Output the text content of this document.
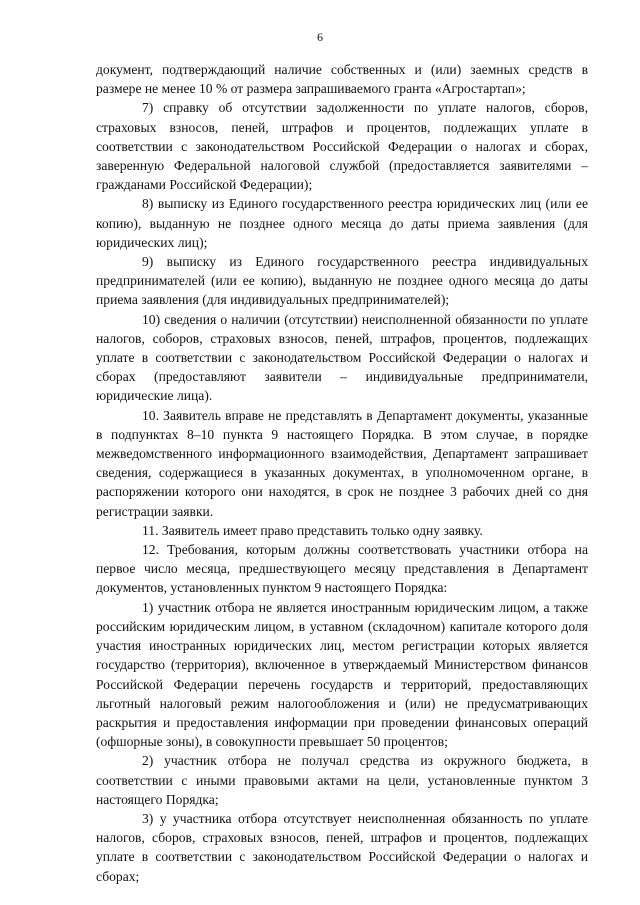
6

документ, подтверждающий наличие собственных и (или) заемных средств в размере не менее 10 % от размера запрашиваемого гранта «Агростартап»;

7) справку об отсутствии задолженности по уплате налогов, сборов, страховых взносов, пеней, штрафов и процентов, подлежащих уплате в соответствии с законодательством Российской Федерации о налогах и сборах, заверенную Федеральной налоговой службой (предоставляется заявителями – гражданами Российской Федерации);

8) выписку из Единого государственного реестра юридических лиц (или ее копию), выданную не позднее одного месяца до даты приема заявления (для юридических лиц);

9) выписку из Единого государственного реестра индивидуальных предпринимателей (или ее копию), выданную не позднее одного месяца до даты приема заявления (для индивидуальных предпринимателей);

10) сведения о наличии (отсутствии) неисполненной обязанности по уплате налогов, соборов, страховых взносов, пеней, штрафов, процентов, подлежащих уплате в соответствии с законодательством Российской Федерации о налогах и сборах (предоставляют заявители – индивидуальные предприниматели, юридические лица).

10. Заявитель вправе не представлять в Департамент документы, указанные в подпунктах 8–10 пункта 9 настоящего Порядка. В этом случае, в порядке межведомственного информационного взаимодействия, Департамент запрашивает сведения, содержащиеся в указанных документах, в уполномоченном органе, в распоряжении которого они находятся, в срок не позднее 3 рабочих дней со дня регистрации заявки.

11. Заявитель имеет право представить только одну заявку.

12. Требования, которым должны соответствовать участники отбора на первое число месяца, предшествующего месяцу представления в Департамент документов, установленных пунктом 9 настоящего Порядка:

1) участник отбора не является иностранным юридическим лицом, а также российским юридическим лицом, в уставном (складочном) капитале которого доля участия иностранных юридических лиц, местом регистрации которых является государство (территория), включенное в утверждаемый Министерством финансов Российской Федерации перечень государств и территорий, предоставляющих льготный налоговый режим налогообложения и (или) не предусматривающих раскрытия и предоставления информации при проведении финансовых операций (офшорные зоны), в совокупности превышает 50 процентов;

2) участник отбора не получал средства из окружного бюджета, в соответствии с иными правовыми актами на цели, установленные пунктом 3 настоящего Порядка;

3) у участника отбора отсутствует неисполненная обязанность по уплате налогов, сборов, страховых взносов, пеней, штрафов и процентов, подлежащих уплате в соответствии с законодательством Российской Федерации о налогах и сборах;
